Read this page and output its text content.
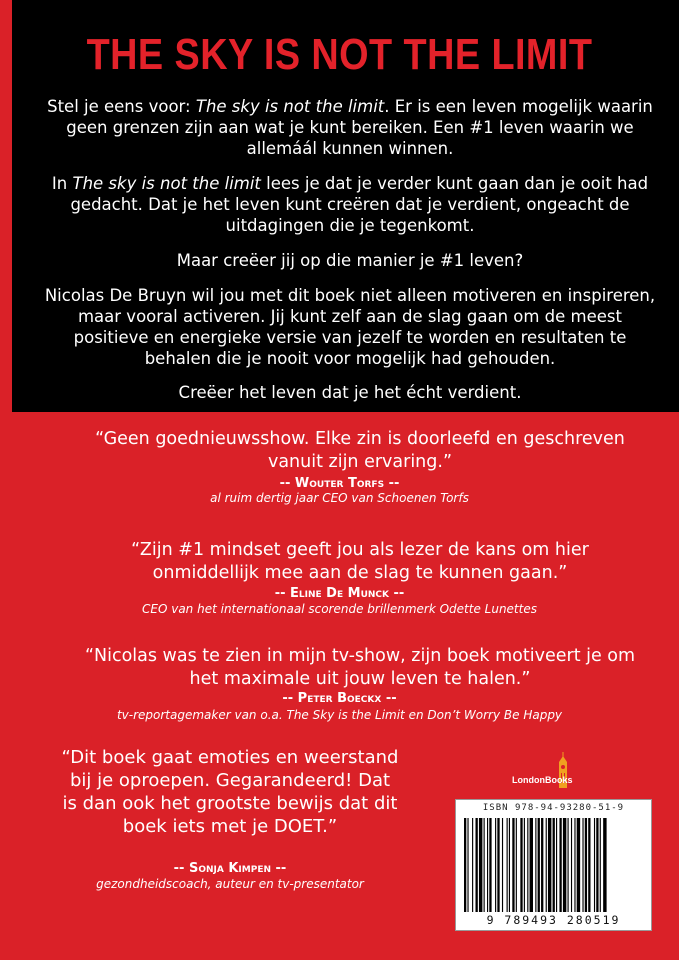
THE SKY IS NOT THE LIMIT

Stel je eens voor: The sky is not the limit. Er is een leven mogelijk waarin geen grenzen zijn aan wat je kunt bereiken. Een #1 leven waarin we allemáál kunnen winnen.

In The sky is not the limit lees je dat je verder kunt gaan dan je ooit had gedacht. Dat je het leven kunt creëren dat je verdient, ongeacht de uitdagingen die je tegenkomt.

Maar creëer jij op die manier je #1 leven?

Nicolas De Bruyn wil jou met dit boek niet alleen motiveren en inspireren, maar vooral activeren. Jij kunt zelf aan de slag gaan om de meest positieve en energieke versie van jezelf te worden en resultaten te behalen die je nooit voor mogelijk had gehouden.

Creëer het leven dat je het écht verdient.

“Geen goednieuwsshow. Elke zin is doorleefd en geschreven vanuit zijn ervaring.”

-- Wouter Torfs --

al ruim dertig jaar CEO van Schoenen Torfs

“Zijn #1 mindset geeft jou als lezer de kans om hier onmiddellijk mee aan de slag te kunnen gaan.”

-- Eline De Munck --

CEO van het internationaal scorende brillenmerk Odette Lunettes

“Nicolas was te zien in mijn tv-show, zijn boek motiveert je om het maximale uit jouw leven te halen.”

-- Peter Boeckx --

tv-reportagemaker van o.a. The Sky is the Limit en Don’t Worry Be Happy

“Dit boek gaat emoties en weerstand bij je oproepen. Gegarandeerd! Dat is dan ook het grootste bewijs dat dit boek iets met je DOET.”

-- Sonja Kimpen --

gezondheidscoach, auteur en tv-presentator

LondonBooks
ISBN 978-94-93280-51-9
9 789493 280519
